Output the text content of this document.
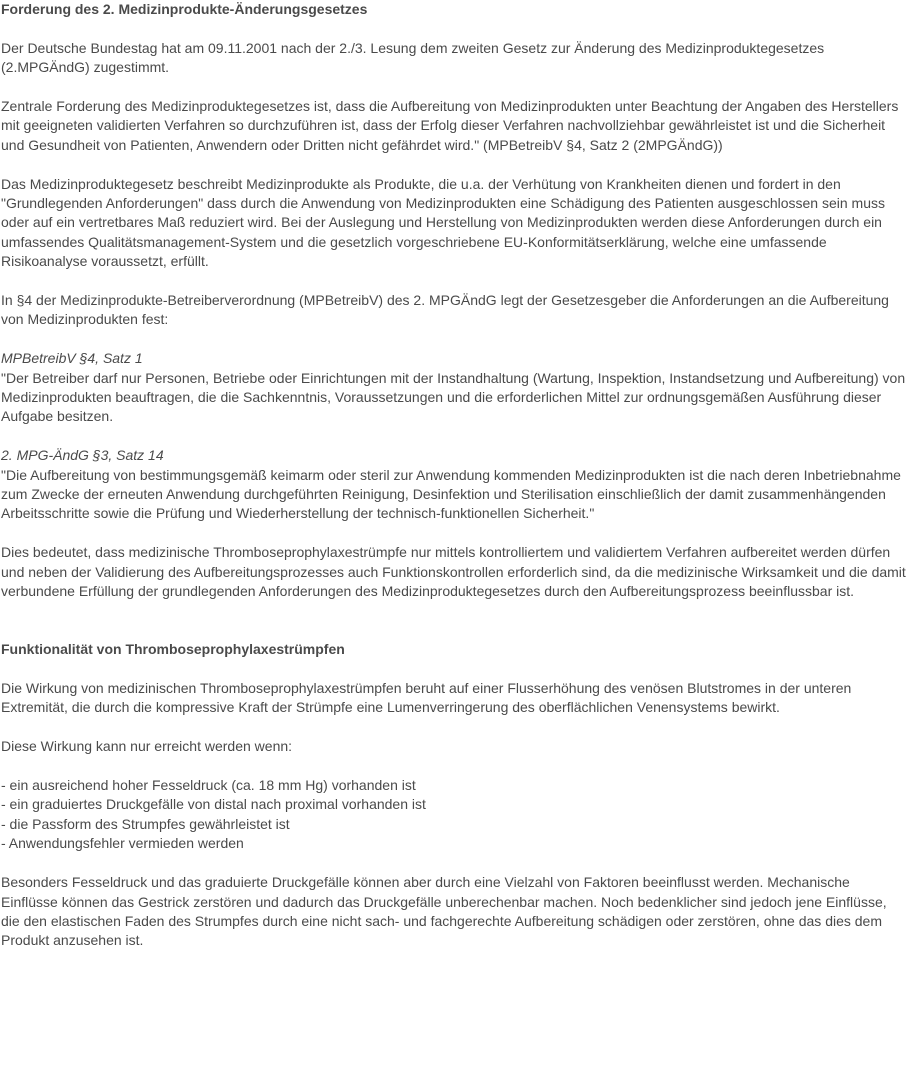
Forderung des 2. Medizinprodukte-Änderungsgesetzes

Der Deutsche Bundestag hat am 09.11.2001 nach der 2./3. Lesung dem zweiten Gesetz zur Änderung des Medizinproduktegesetzes (2.MPGÄndG) zugestimmt.

Zentrale Forderung des Medizinproduktegesetzes ist, dass die Aufbereitung von Medizinprodukten unter Beachtung der Angaben des Herstellers mit geeigneten validierten Verfahren so durchzuführen ist, dass der Erfolg dieser Verfahren nachvollziehbar gewährleistet ist und die Sicherheit und Gesundheit von Patienten, Anwendern oder Dritten nicht gefährdet wird." (MPBetreibV §4, Satz 2 (2MPGÄndG))

Das Medizinproduktegesetz beschreibt Medizinprodukte als Produkte, die u.a. der Verhütung von Krankheiten dienen und fordert in den "Grundlegenden Anforderungen" dass durch die Anwendung von Medizinprodukten eine Schädigung des Patienten ausgeschlossen sein muss oder auf ein vertretbares Maß reduziert wird. Bei der Auslegung und Herstellung von Medizinprodukten werden diese Anforderungen durch ein umfassendes Qualitätsmanagement-System und die gesetzlich vorgeschriebene EU-Konformitätserklärung, welche eine umfassende Risikoanalyse voraussetzt, erfüllt.

In §4 der Medizinprodukte-Betreiberverordnung (MPBetreibV) des 2. MPGÄndG legt der Gesetzesgeber die Anforderungen an die Aufbereitung von Medizinprodukten fest:

MPBetreibV §4, Satz 1

"Der Betreiber darf nur Personen, Betriebe oder Einrichtungen mit der Instandhaltung (Wartung, Inspektion, Instandsetzung und Aufbereitung) von Medizinprodukten beauftragen, die die Sachkenntnis, Voraussetzungen und die erforderlichen Mittel zur ordnungsgemäßen Ausführung dieser Aufgabe besitzen.

2. MPG-ÄndG §3, Satz 14

"Die Aufbereitung von bestimmungsgemäß keimarm oder steril zur Anwendung kommenden Medizinprodukten ist die nach deren Inbetriebnahme zum Zwecke der erneuten Anwendung durchgeführten Reinigung, Desinfektion und Sterilisation einschließlich der damit zusammenhängenden Arbeitsschritte sowie die Prüfung und Wiederherstellung der technisch-funktionellen Sicherheit."

Dies bedeutet, dass medizinische Thromboseprophylaxestrümpfe nur mittels kontrolliertem und validiertem Verfahren aufbereitet werden dürfen und neben der Validierung des Aufbereitungsprozesses auch Funktionskontrollen erforderlich sind, da die medizinische Wirksamkeit und die damit verbundene Erfüllung der grundlegenden Anforderungen des Medizinproduktegesetzes durch den Aufbereitungsprozess beeinflussbar ist.

Funktionalität von Thromboseprophylaxestrümpfen

Die Wirkung von medizinischen Thromboseprophylaxestrümpfen beruht auf einer Flusserhöhung des venösen Blutstromes in der unteren Extremität, die durch die kompressive Kraft der Strümpfe eine Lumenverringerung des oberflächlichen Venensystems bewirkt.

Diese Wirkung kann nur erreicht werden wenn:

- ein ausreichend hoher Fesseldruck (ca. 18 mm Hg) vorhanden ist
- ein graduiertes Druckgefälle von distal nach proximal vorhanden ist
- die Passform des Strumpfes gewährleistet ist
- Anwendungsfehler vermieden werden

Besonders Fesseldruck und das graduierte Druckgefälle können aber durch eine Vielzahl von Faktoren beeinflusst werden. Mechanische Einflüsse können das Gestrick zerstören und dadurch das Druckgefälle unberechenbar machen. Noch bedenklicher sind jedoch jene Einflüsse, die den elastischen Faden des Strumpfes durch eine nicht sach- und fachgerechte Aufbereitung schädigen oder zerstören, ohne das dies dem Produkt anzusehen ist.
